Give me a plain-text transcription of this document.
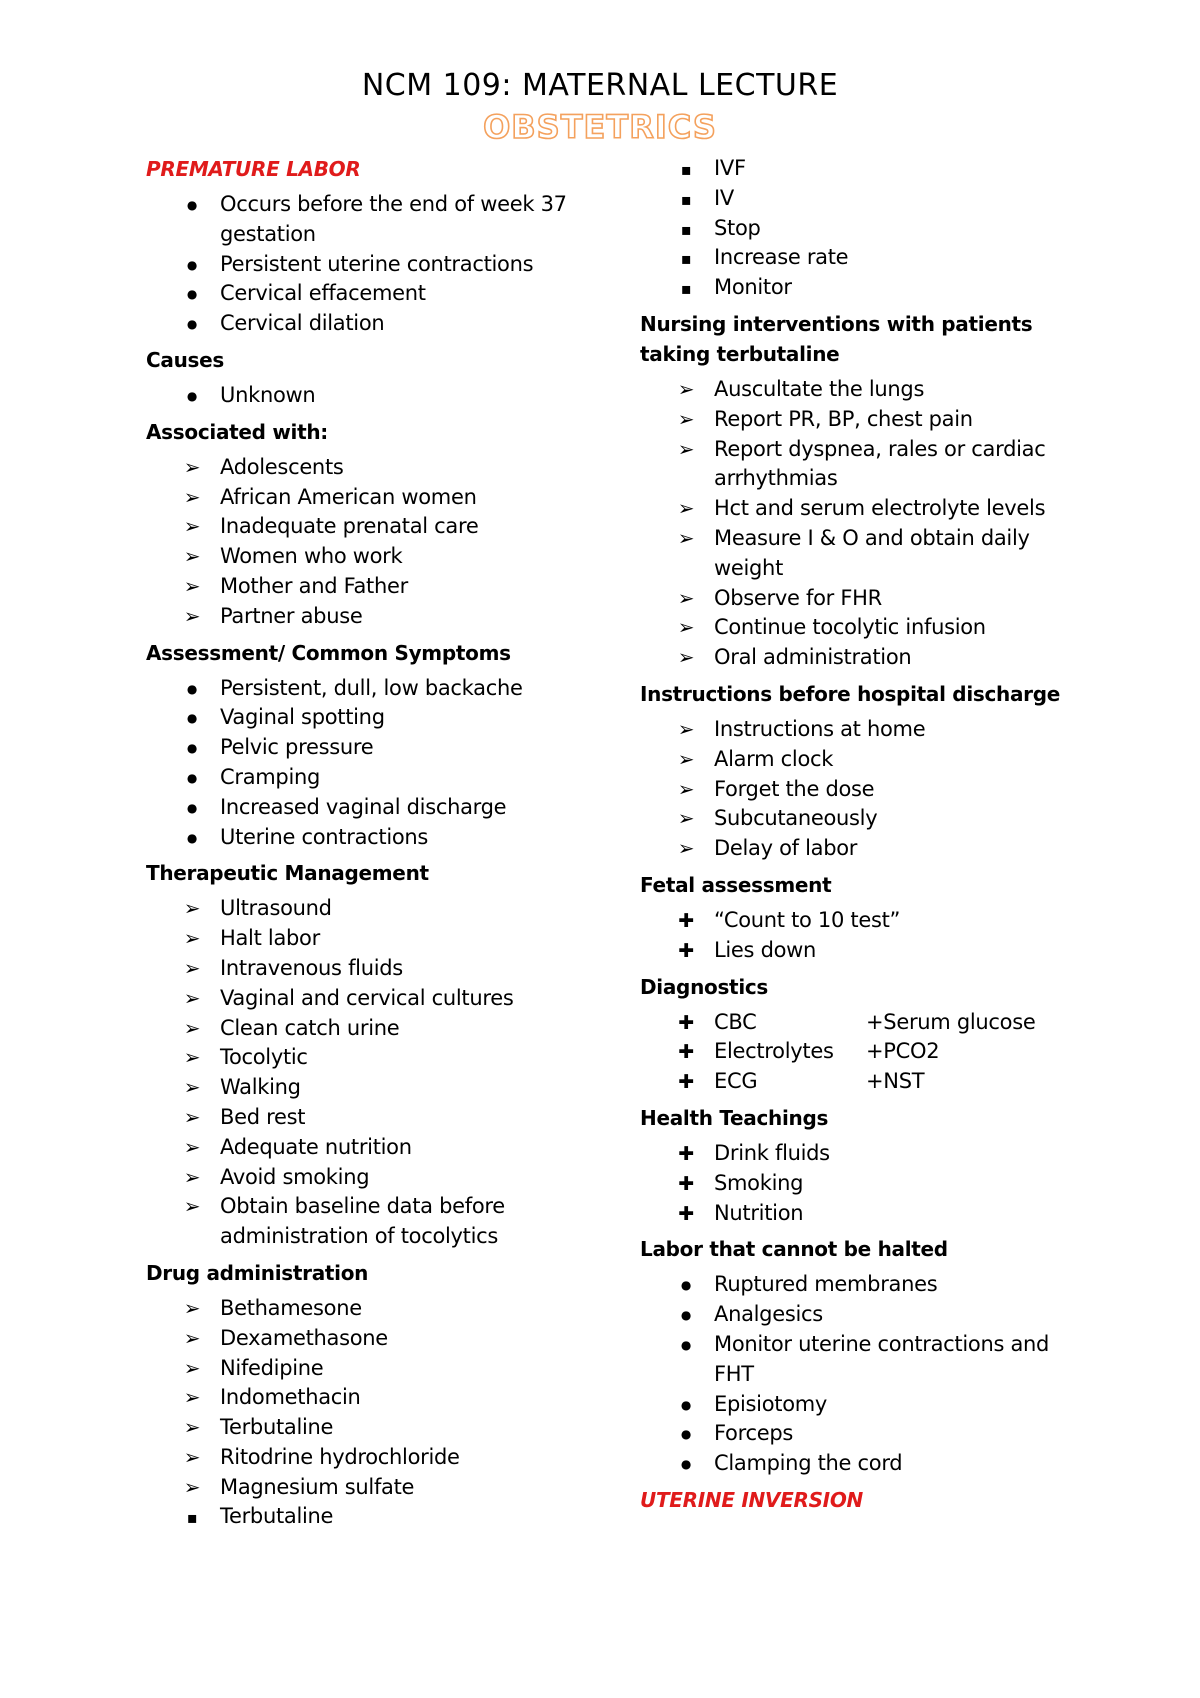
NCM 109: MATERNAL LECTURE
OBSTETRICS
PREMATURE LABOR
●
Occurs before the end of week 37 gestation
●
Persistent uterine contractions
●
Cervical effacement
●
Cervical dilation
Causes
●
Unknown
Associated with:
➢
Adolescents
➢
African American women
➢
Inadequate prenatal care
➢
Women who work
➢
Mother and Father
➢
Partner abuse
Assessment/ Common Symptoms
●
Persistent, dull, low backache
●
Vaginal spotting
●
Pelvic pressure
●
Cramping
●
Increased vaginal discharge
●
Uterine contractions
Therapeutic Management
➢
Ultrasound
➢
Halt labor
➢
Intravenous fluids
➢
Vaginal and cervical cultures
➢
Clean catch urine
➢
Tocolytic
➢
Walking
➢
Bed rest
➢
Adequate nutrition
➢
Avoid smoking
➢
Obtain baseline data before administration of tocolytics
Drug administration
➢
Bethamesone
➢
Dexamethasone
➢
Nifedipine
➢
Indomethacin
➢
Terbutaline
➢
Ritodrine hydrochloride
➢
Magnesium sulfate
▪
Terbutaline
▪
IVF
▪
IV
▪
Stop
▪
Increase rate
▪
Monitor
Nursing interventions with patients taking terbutaline
➢
Auscultate the lungs
➢
Report PR, BP, chest pain
➢
Report dyspnea, rales or cardiac arrhythmias
➢
Hct and serum electrolyte levels
➢
Measure I & O and obtain daily weight
➢
Observe for FHR
➢
Continue tocolytic infusion
➢
Oral administration
Instructions before hospital discharge
➢
Instructions at home
➢
Alarm clock
➢
Forget the dose
➢
Subcutaneously
➢
Delay of labor
Fetal assessment
✚
“Count to 10 test”
✚
Lies down
Diagnostics
✚
CBC	+Serum glucose
✚
Electrolytes +PCO2
✚
ECG	+NST
Health Teachings
✚
Drink fluids
✚
Smoking
✚
Nutrition
Labor that cannot be halted
●
Ruptured membranes
●
Analgesics
●
Monitor uterine contractions and FHT
●
Episiotomy
●
Forceps
●
Clamping the cord
UTERINE INVERSION
